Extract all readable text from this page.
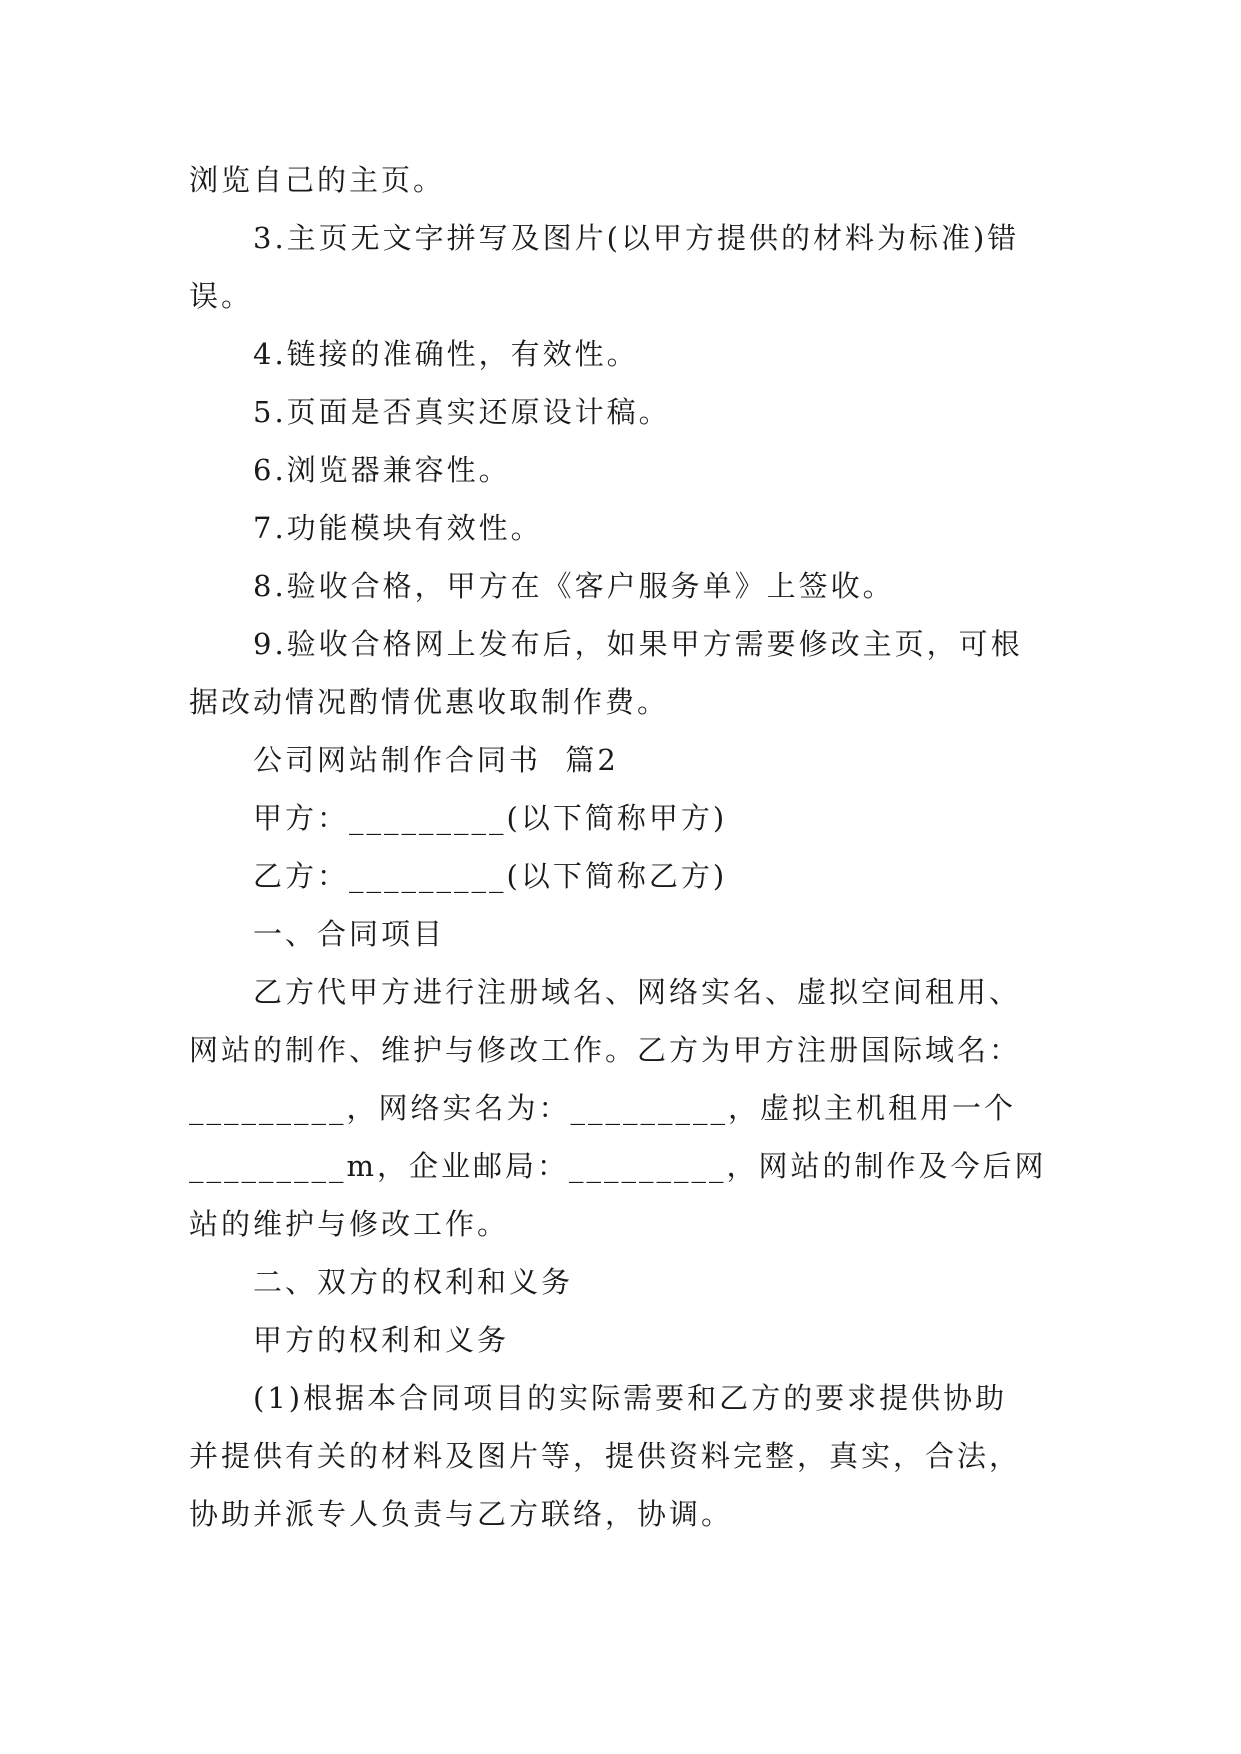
浏览自己的主页。
3.主页无文字拼写及图片(以甲方提供的材料为标准)错
误。
4.链接的准确性，有效性。
5.页面是否真实还原设计稿。
6.浏览器兼容性。
7.功能模块有效性。
8.验收合格，甲方在《客户服务单》上签收。
9.验收合格网上发布后，如果甲方需要修改主页，可根
据改动情况酌情优惠收取制作费。
公司网站制作合同书  篇2
甲方：_________(以下简称甲方)
乙方：_________(以下简称乙方)
一、合同项目
乙方代甲方进行注册域名、网络实名、虚拟空间租用、
网站的制作、维护与修改工作。乙方为甲方注册国际域名：
_________，网络实名为：_________，虚拟主机租用一个
_________m，企业邮局：_________，网站的制作及今后网
站的维护与修改工作。
二、双方的权利和义务
甲方的权利和义务
(1)根据本合同项目的实际需要和乙方的要求提供协助
并提供有关的材料及图片等，提供资料完整，真实，合法，
协助并派专人负责与乙方联络，协调。
